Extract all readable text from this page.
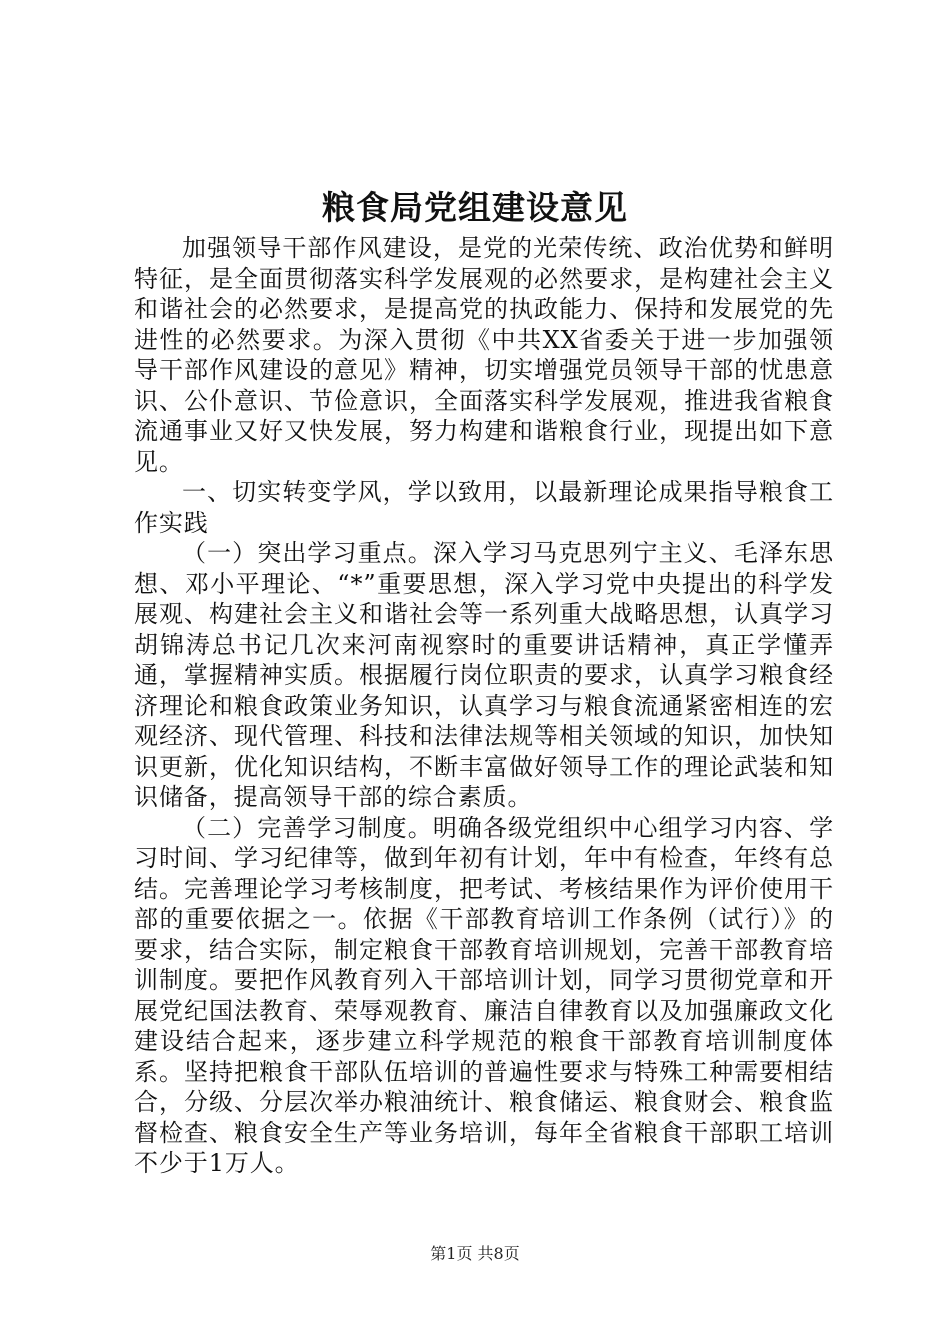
粮食局党组建设意见

加强领导干部作风建设，是党的光荣传统、政治优势和鲜明特征，是全面贯彻落实科学发展观的必然要求，是构建社会主义和谐社会的必然要求，是提高党的执政能力、保持和发展党的先进性的必然要求。为深入贯彻《中共XX省委关于进一步加强领导干部作风建设的意见》精神，切实增强党员领导干部的忧患意识、公仆意识、节俭意识，全面落实科学发展观，推进我省粮食流通事业又好又快发展，努力构建和谐粮食行业，现提出如下意见。

一、切实转变学风，学以致用，以最新理论成果指导粮食工作实践

（一）突出学习重点。深入学习马克思列宁主义、毛泽东思想、邓小平理论、“*”重要思想，深入学习党中央提出的科学发展观、构建社会主义和谐社会等一系列重大战略思想，认真学习胡锦涛总书记几次来河南视察时的重要讲话精神，真正学懂弄通，掌握精神实质。根据履行岗位职责的要求，认真学习粮食经济理论和粮食政策业务知识，认真学习与粮食流通紧密相连的宏观经济、现代管理、科技和法律法规等相关领域的知识，加快知识更新，优化知识结构，不断丰富做好领导工作的理论武装和知识储备，提高领导干部的综合素质。

（二）完善学习制度。明确各级党组织中心组学习内容、学习时间、学习纪律等，做到年初有计划，年中有检查，年终有总结。完善理论学习考核制度，把考试、考核结果作为评价使用干部的重要依据之一。依据《干部教育培训工作条例（试行）》的要求，结合实际，制定粮食干部教育培训规划，完善干部教育培训制度。要把作风教育列入干部培训计划，同学习贯彻党章和开展党纪国法教育、荣辱观教育、廉洁自律教育以及加强廉政文化建设结合起来，逐步建立科学规范的粮食干部教育培训制度体系。坚持把粮食干部队伍培训的普遍性要求与特殊工种需要相结合，分级、分层次举办粮油统计、粮食储运、粮食财会、粮食监督检查、粮食安全生产等业务培训，每年全省粮食干部职工培训不少于1万人。

第1页 共8页
